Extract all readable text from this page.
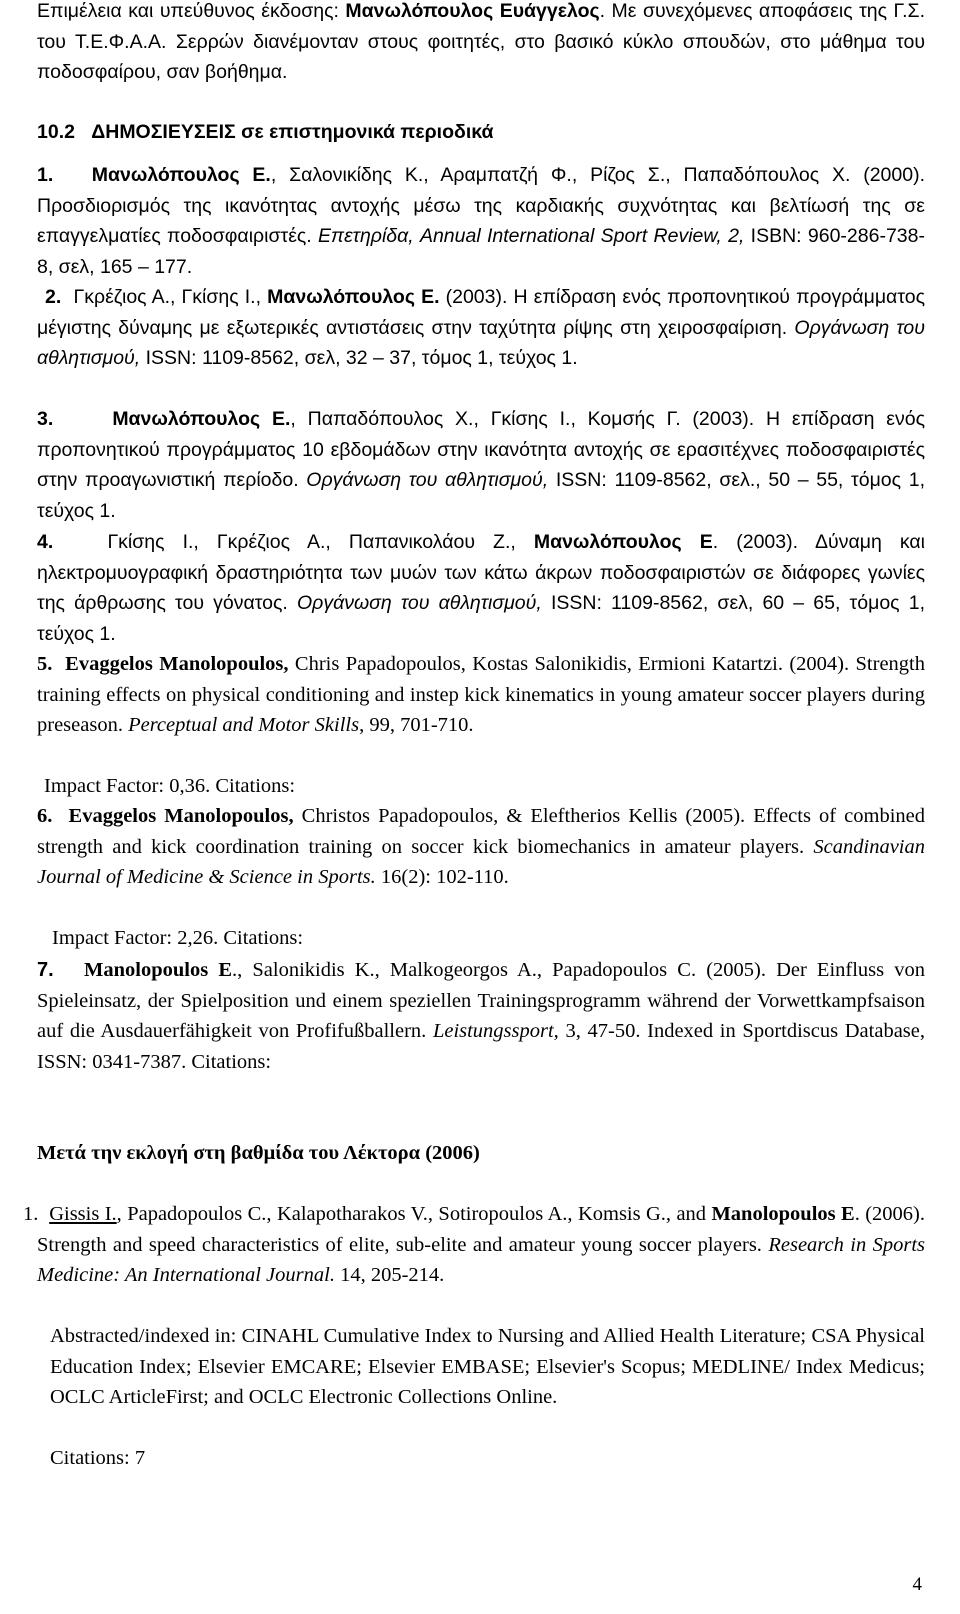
Επιμέλεια και υπεύθυνος έκδοσης: Μανωλόπουλος Ευάγγελος. Με συνεχόμενες αποφάσεις της Γ.Σ. του Τ.Ε.Φ.Α.Α. Σερρών διανέμονταν στους φοιτητές, στο βασικό κύκλο σπουδών, στο μάθημα του ποδοσφαίρου, σαν βοήθημα.
10.2 ΔΗΜΟΣΙΕΥΣΕΙΣ σε επιστημονικά περιοδικά
1. Μανωλόπουλος Ε., Σαλονικίδης Κ., Αραμπατζή Φ., Ρίζος Σ., Παπαδόπουλος Χ. (2000). Προσδιορισμός της ικανότητας αντοχής μέσω της καρδιακής συχνότητας και βελτίωσή της σε επαγγελματίες ποδοσφαιριστές. Επετηρίδα, Annual International Sport Review, 2, ISBN: 960-286-738-8, σελ, 165 – 177.
2. Γκρέζιος Α., Γκίσης Ι., Μανωλόπουλος Ε. (2003). Η επίδραση ενός προπονητικού προγράμματος μέγιστης δύναμης με εξωτερικές αντιστάσεις στην ταχύτητα ρίψης στη χειροσφαίριση. Οργάνωση του αθλητισμού, ISSN: 1109-8562, σελ, 32 – 37, τόμος 1, τεύχος 1.
3.	Μανωλόπουλος Ε., Παπαδόπουλος Χ., Γκίσης Ι., Κομσής Γ. (2003). Η επίδραση ενός προπονητικού προγράμματος 10 εβδομάδων στην ικανότητα αντοχής σε ερασιτέχνες ποδοσφαιριστές στην προαγωνιστική περίοδο. Οργάνωση του αθλητισμού, ISSN: 1109-8562, σελ., 50 – 55, τόμος 1, τεύχος 1.
4.	Γκίσης Ι., Γκρέζιος Α., Παπανικολάου Ζ., Μανωλόπουλος Ε. (2003). Δύναμη και ηλεκτρομυογραφική δραστηριότητα των μυών των κάτω άκρων ποδοσφαιριστών σε διάφορες γωνίες της άρθρωσης του γόνατος. Οργάνωση του αθλητισμού, ISSN: 1109-8562, σελ, 60 – 65, τόμος 1, τεύχος 1.
5. Evaggelos Manolopoulos, Chris Papadopoulos, Kostas Salonikidis, Ermioni Katartzi. (2004). Strength training effects on physical conditioning and instep kick kinematics in young amateur soccer players during preseason. Perceptual and Motor Skills, 99, 701-710.
Impact Factor: 0,36. Citations:
6. Evaggelos Manolopoulos, Christos Papadopoulos, & Eleftherios Kellis (2005). Effects of combined strength and kick coordination training on soccer kick biomechanics in amateur players. Scandinavian Journal of Medicine & Science in Sports. 16(2): 102-110.
Impact Factor: 2,26. Citations:
7. Manolopoulos E., Salonikidis K., Malkogeorgos A., Papadopoulos C. (2005). Der Einfluss von Spieleinsatz, der Spielposition und einem speziellen Trainingsprogramm während der Vorwettkampfsaison auf die Ausdauerfähigkeit von Profifußballern. Leistungssport, 3, 47-50. Indexed in Sportdiscus Database, ISSN: 0341-7387. Citations:
Μετά την εκλογή στη βαθμίδα του Λέκτορα (2006)
1. Gissis I., Papadopoulos C., Kalapotharakos V., Sotiropoulos A., Komsis G., and Manolopoulos E. (2006). Strength and speed characteristics of elite, sub-elite and amateur young soccer players. Research in Sports Medicine: An International Journal. 14, 205-214.
Abstracted/indexed in: CINAHL Cumulative Index to Nursing and Allied Health Literature; CSA Physical Education Index; Elsevier EMCARE; Elsevier EMBASE; Elsevier's Scopus; MEDLINE/ Index Medicus; OCLC ArticleFirst; and OCLC Electronic Collections Online.
Citations: 7
4
